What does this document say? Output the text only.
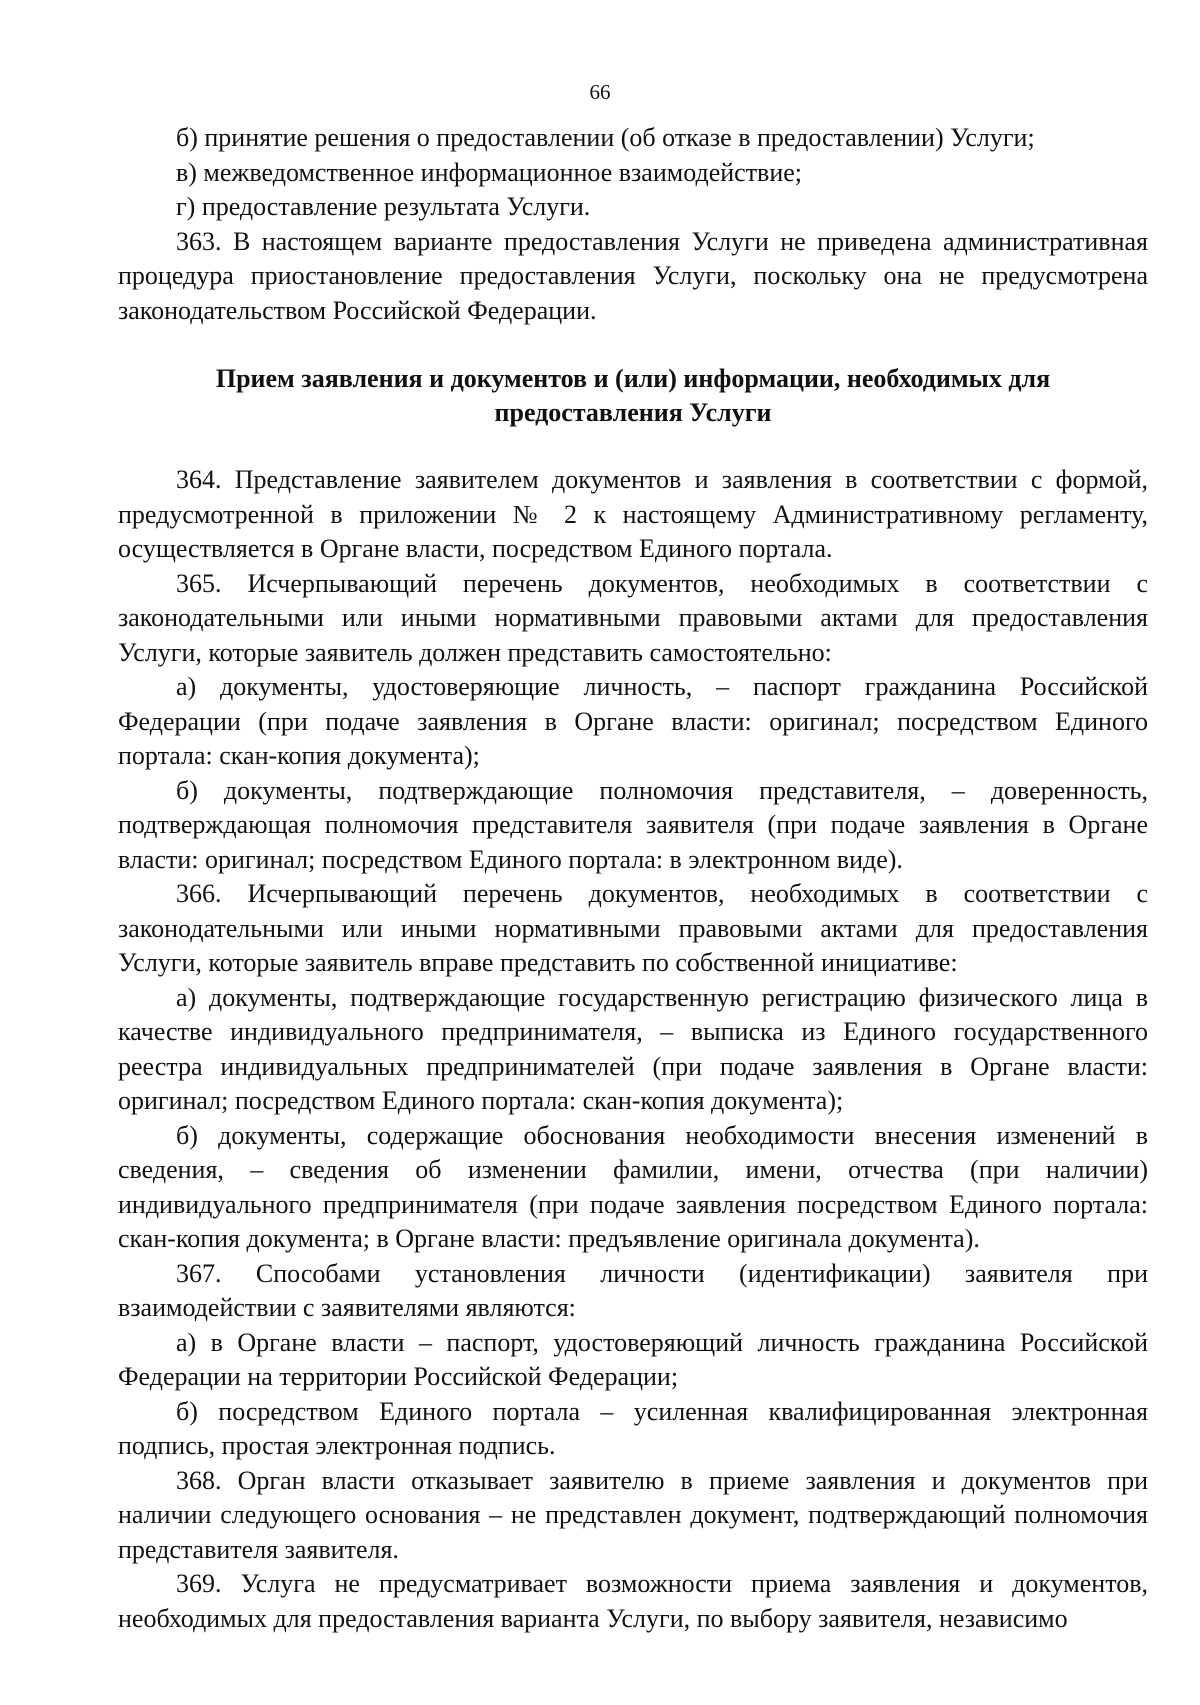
66

б) принятие решения о предоставлении (об отказе в предоставлении) Услуги;

в) межведомственное информационное взаимодействие;

г) предоставление результата Услуги.

363. В настоящем варианте предоставления Услуги не приведена административная процедура приостановление предоставления Услуги, поскольку она не предусмотрена законодательством Российской Федерации.

Прием заявления и документов и (или) информации, необходимых для предоставления Услуги

364. Представление заявителем документов и заявления в соответствии с формой, предусмотренной в приложении № 2 к настоящему Административному регламенту, осуществляется в Органе власти, посредством Единого портала.

365. Исчерпывающий перечень документов, необходимых в соответствии с законодательными или иными нормативными правовыми актами для предоставления Услуги, которые заявитель должен представить самостоятельно:

а) документы, удостоверяющие личность, – паспорт гражданина Российской Федерации (при подаче заявления в Органе власти: оригинал; посредством Единого портала: скан-копия документа);

б) документы, подтверждающие полномочия представителя, – доверенность, подтверждающая полномочия представителя заявителя (при подаче заявления в Органе власти: оригинал; посредством Единого портала: в электронном виде).

366. Исчерпывающий перечень документов, необходимых в соответствии с законодательными или иными нормативными правовыми актами для предоставления Услуги, которые заявитель вправе представить по собственной инициативе:

а) документы, подтверждающие государственную регистрацию физического лица в качестве индивидуального предпринимателя, – выписка из Единого государственного реестра индивидуальных предпринимателей (при подаче заявления в Органе власти: оригинал; посредством Единого портала: скан-копия документа);

б) документы, содержащие обоснования необходимости внесения изменений в сведения, – сведения об изменении фамилии, имени, отчества (при наличии) индивидуального предпринимателя (при подаче заявления посредством Единого портала: скан-копия документа; в Органе власти: предъявление оригинала документа).

367. Способами установления личности (идентификации) заявителя при взаимодействии с заявителями являются:

а) в Органе власти – паспорт, удостоверяющий личность гражданина Российской Федерации на территории Российской Федерации;

б) посредством Единого портала – усиленная квалифицированная электронная подпись, простая электронная подпись.

368. Орган власти отказывает заявителю в приеме заявления и документов при наличии следующего основания – не представлен документ, подтверждающий полномочия представителя заявителя.

369. Услуга не предусматривает возможности приема заявления и документов, необходимых для предоставления варианта Услуги, по выбору заявителя, независимо
